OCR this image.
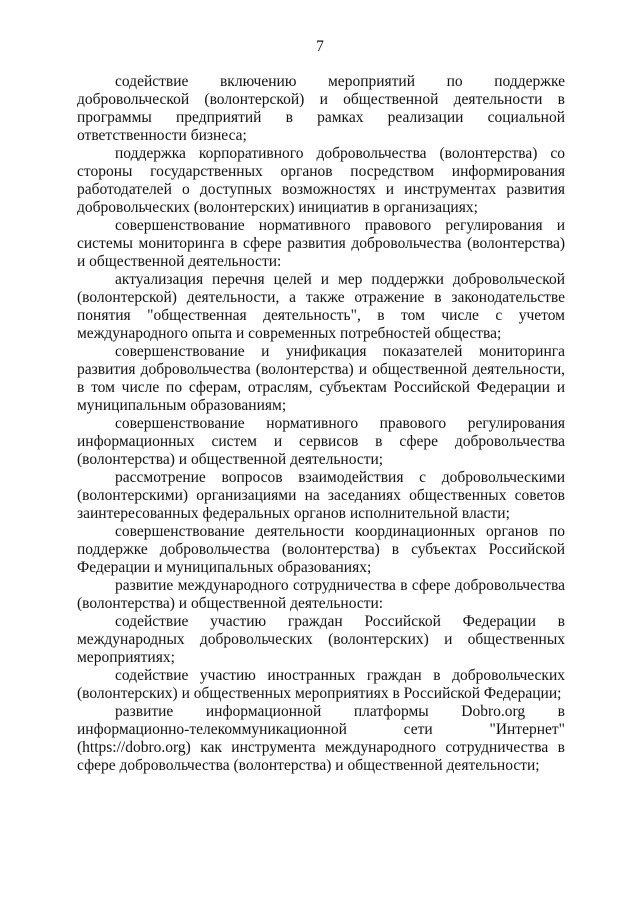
7

содействие включению мероприятий по поддержке добровольческой (волонтерской) и общественной деятельности в программы предприятий в рамках реализации социальной ответственности бизнеса;

поддержка корпоративного добровольчества (волонтерства) со стороны государственных органов посредством информирования работодателей о доступных возможностях и инструментах развития добровольческих (волонтерских) инициатив в организациях;

совершенствование нормативного правового регулирования и системы мониторинга в сфере развития добровольчества (волонтерства) и общественной деятельности:

актуализация перечня целей и мер поддержки добровольческой (волонтерской) деятельности, а также отражение в законодательстве понятия "общественная деятельность", в том числе с учетом международного опыта и современных потребностей общества;

совершенствование и унификация показателей мониторинга развития добровольчества (волонтерства) и общественной деятельности, в том числе по сферам, отраслям, субъектам Российской Федерации и муниципальным образованиям;

совершенствование нормативного правового регулирования информационных систем и сервисов в сфере добровольчества (волонтерства) и общественной деятельности;

рассмотрение вопросов взаимодействия с добровольческими (волонтерскими) организациями на заседаниях общественных советов заинтересованных федеральных органов исполнительной власти;

совершенствование деятельности координационных органов по поддержке добровольчества (волонтерства) в субъектах Российской Федерации и муниципальных образованиях;

развитие международного сотрудничества в сфере добровольчества (волонтерства) и общественной деятельности:

содействие участию граждан Российской Федерации в международных добровольческих (волонтерских) и общественных мероприятиях;

содействие участию иностранных граждан в добровольческих (волонтерских) и общественных мероприятиях в Российской Федерации;

развитие информационной платформы Dobro.org в информационно-телекоммуникационной сети "Интернет" (https://dobro.org) как инструмента международного сотрудничества в сфере добровольчества (волонтерства) и общественной деятельности;
